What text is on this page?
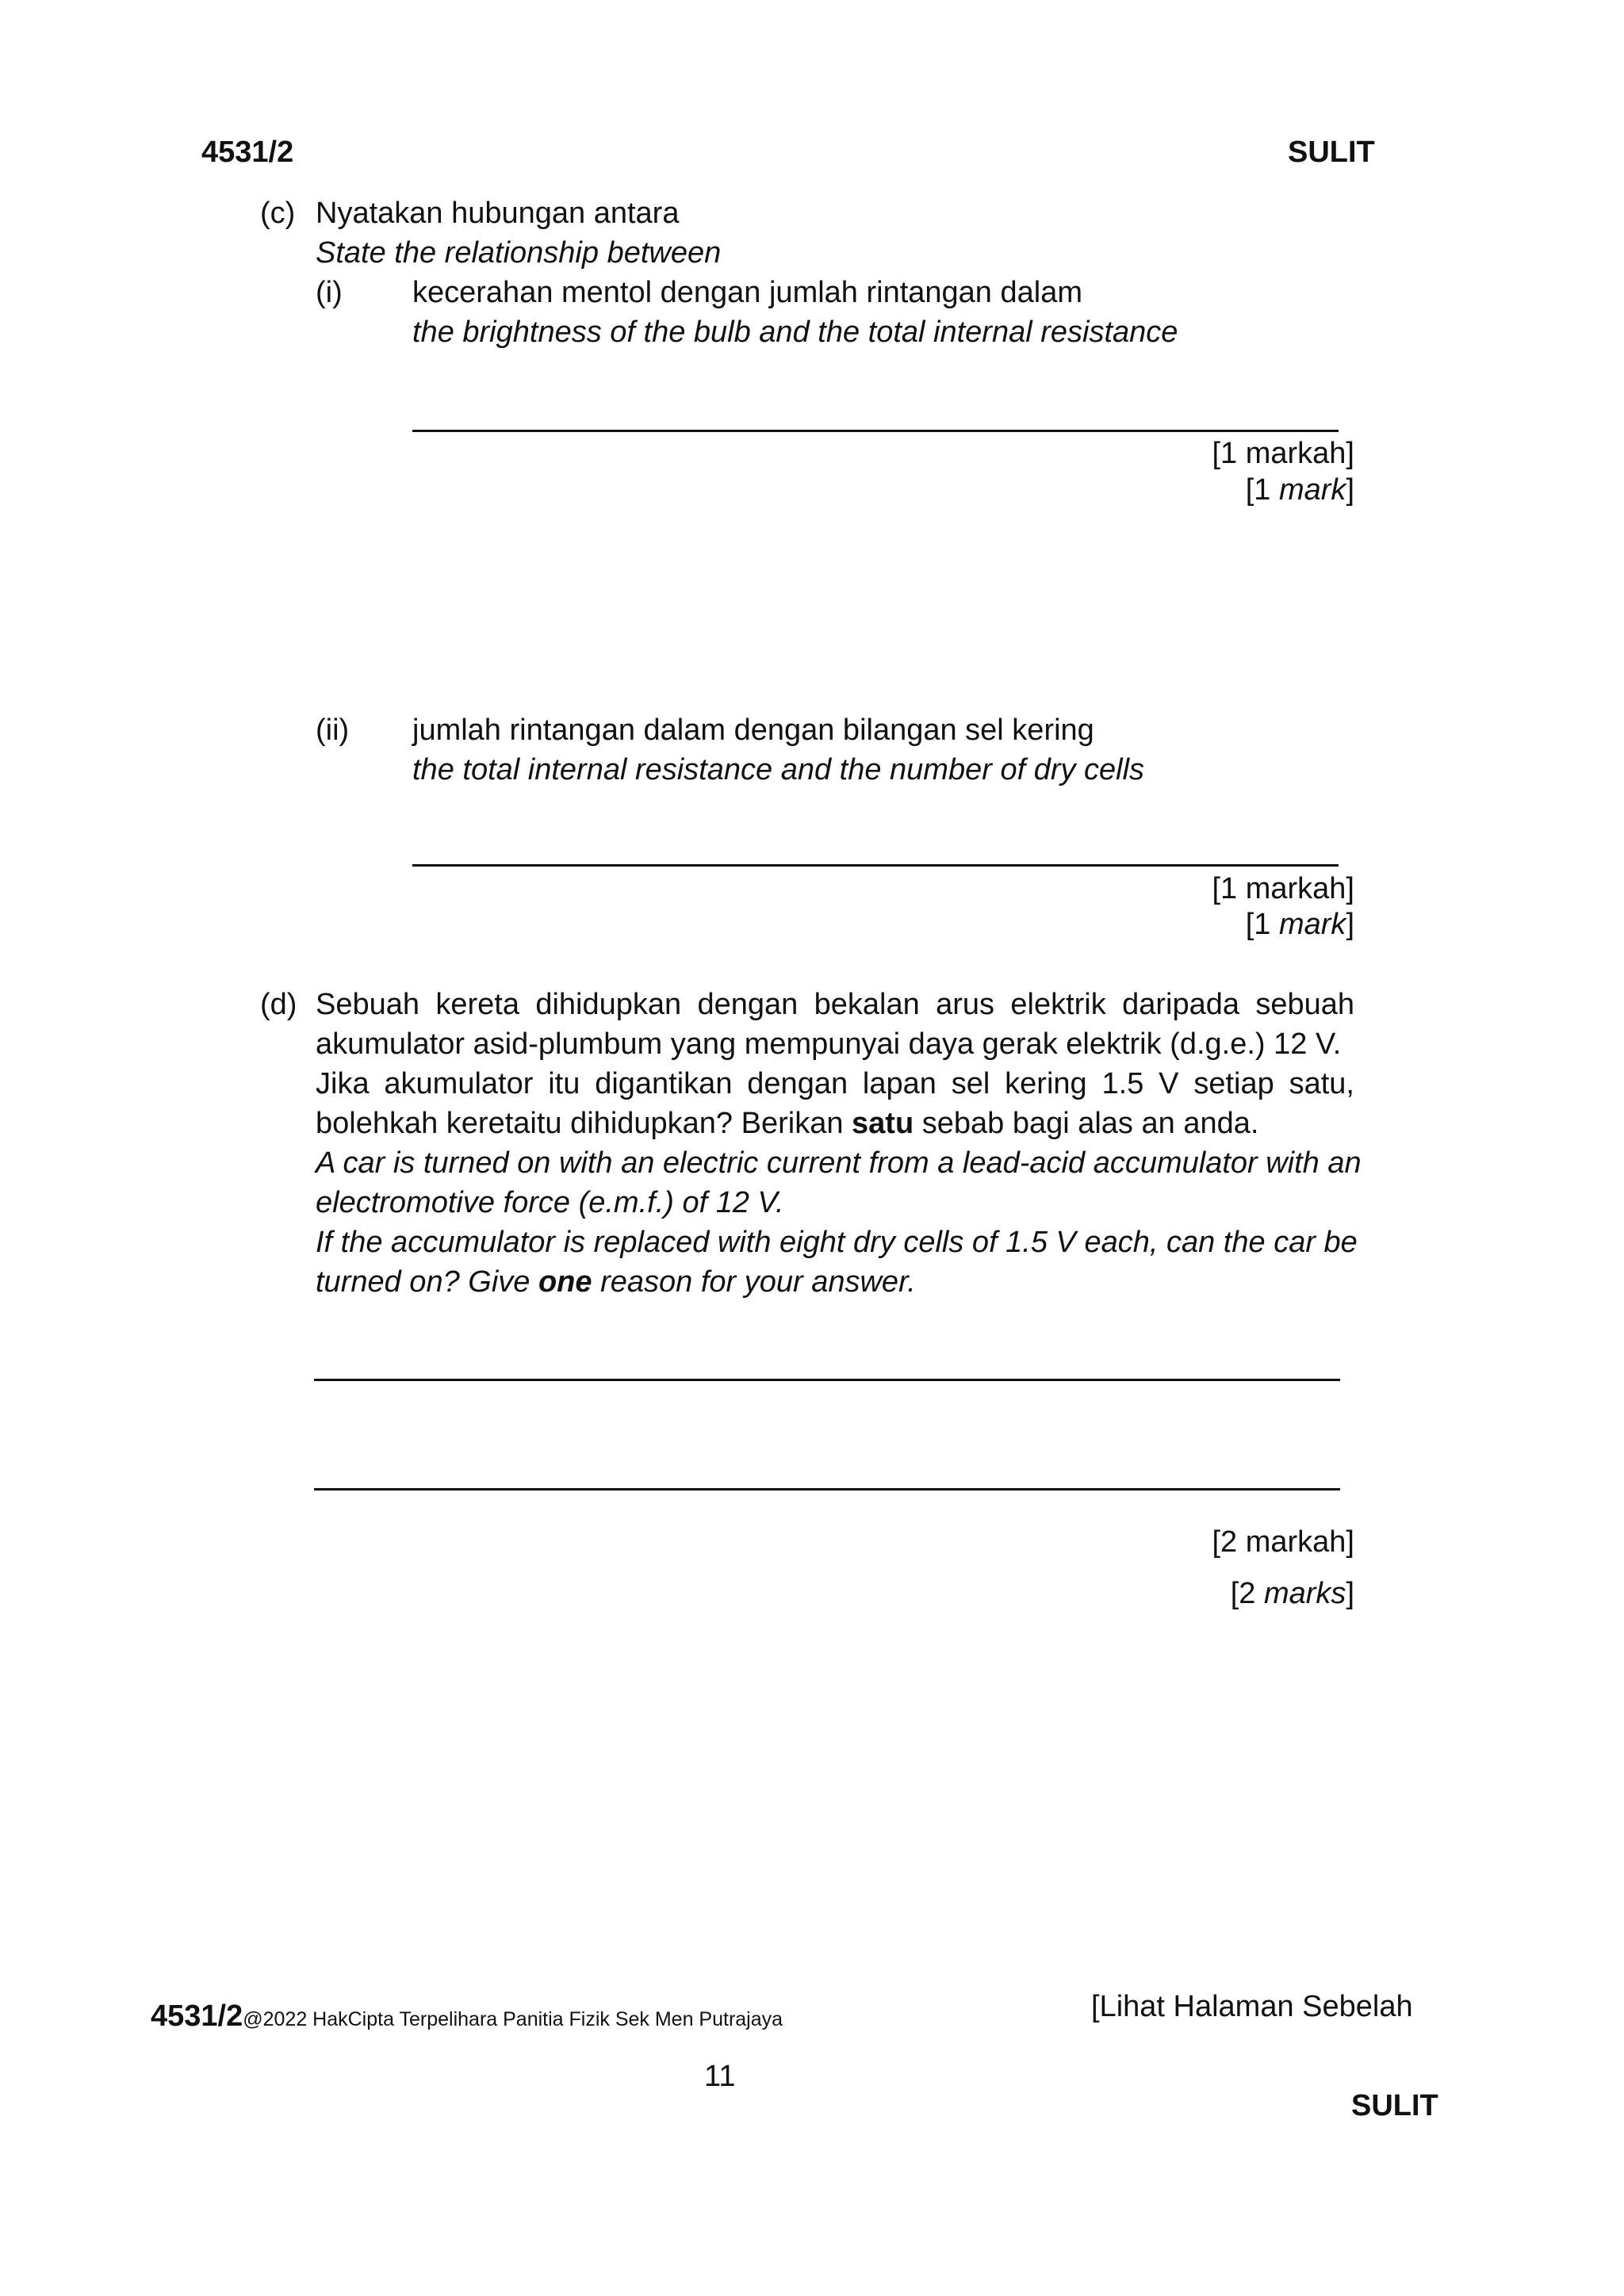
4531/2	SULIT
(c) Nyatakan hubungan antara
State the relationship between
(i) kecerahan mentol dengan jumlah rintangan dalam
the brightness of the bulb and the total internal resistance
[1 markah]
[1 mark]
(ii) jumlah rintangan dalam dengan bilangan sel kering
the total internal resistance and the number of dry cells
[1 markah]
[1 mark]
(d) Sebuah kereta dihidupkan dengan bekalan arus elektrik daripada sebuah
akumulator asid-plumbum yang mempunyai daya gerak elektrik (d.g.e.) 12 V.
Jika akumulator itu digantikan dengan lapan sel kering 1.5 V setiap satu,
bolehkah keretaitu dihidupkan? Berikan satu sebab bagi alas an anda.
A car is turned on with an electric current from a lead-acid accumulator with an
electromotive force (e.m.f.) of 12 V.
If the accumulator is replaced with eight dry cells of 1.5 V each, can the car be
turned on? Give one reason for your answer.
[2 markah]
[2 marks]
4531/2@2022 HakCipta Terpelihara Panitia Fizik Sek Men Putrajaya	[Lihat Halaman Sebelah
11
SULIT
